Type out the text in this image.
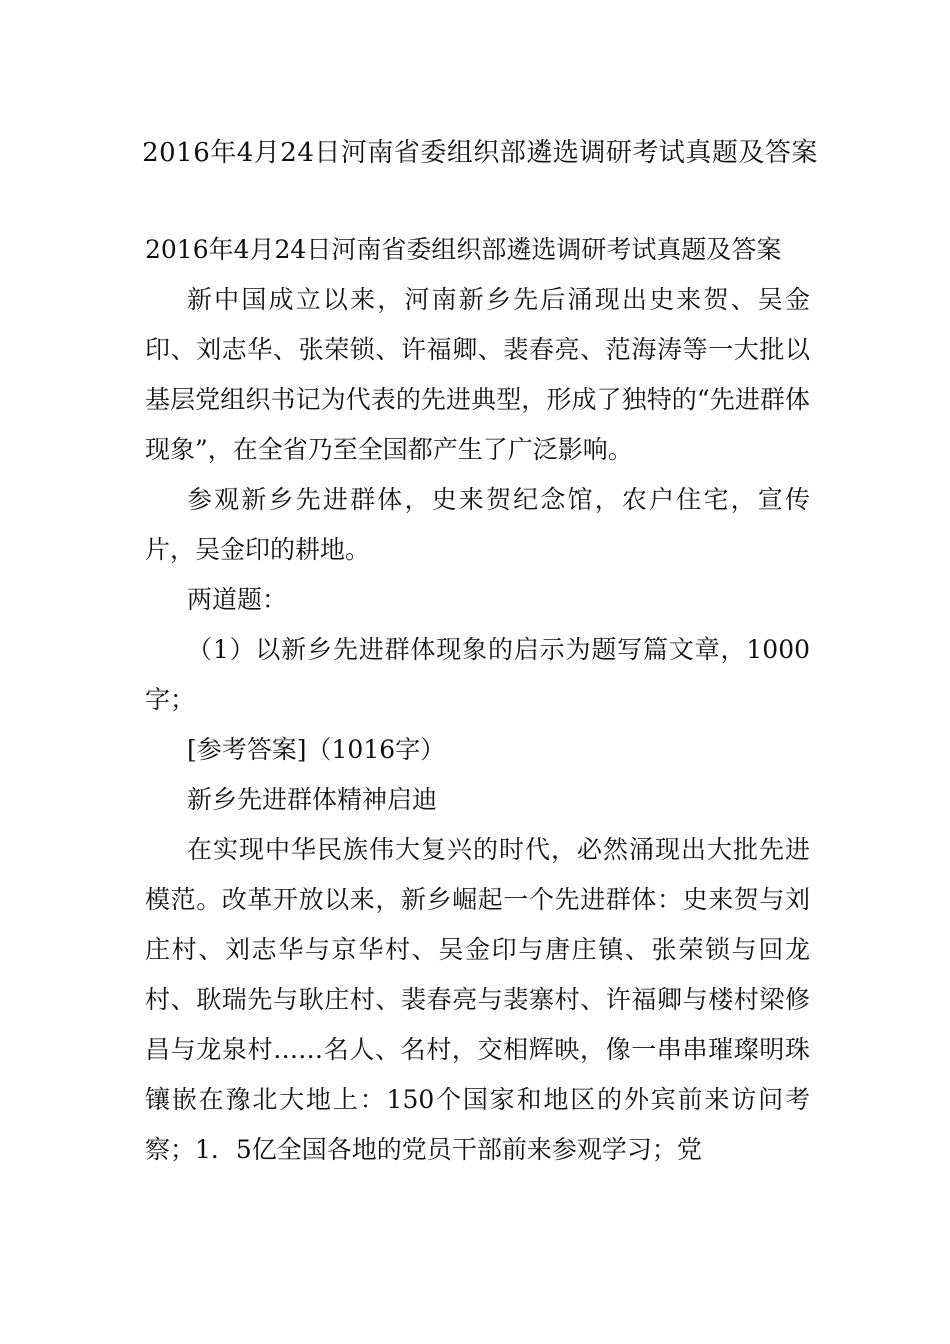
2016年4月24日河南省委组织部遴选调研考试真题及答案

2016年4月24日河南省委组织部遴选调研考试真题及答案

新中国成立以来，河南新乡先后涌现出史来贺、吴金印、刘志华、张荣锁、许福卿、裴春亮、范海涛等一大批以基层党组织书记为代表的先进典型，形成了独特的“先进群体现象”，在全省乃至全国都产生了广泛影响。

参观新乡先进群体，史来贺纪念馆，农户住宅，宣传片，吴金印的耕地。

两道题：

（1）以新乡先进群体现象的启示为题写篇文章，1000字；

[参考答案]（1016字）

新乡先进群体精神启迪

在实现中华民族伟大复兴的时代，必然涌现出大批先进模范。改革开放以来，新乡崛起一个先进群体：史来贺与刘庄村、刘志华与京华村、吴金印与唐庄镇、张荣锁与回龙村、耿瑞先与耿庄村、裴春亮与裴寨村、许福卿与楼村梁修昌与龙泉村……名人、名村，交相辉映，像一串串璀璨明珠镶嵌在豫北大地上：150个国家和地区的外宾前来访问考察；1．5亿全国各地的党员干部前来参观学习；党
